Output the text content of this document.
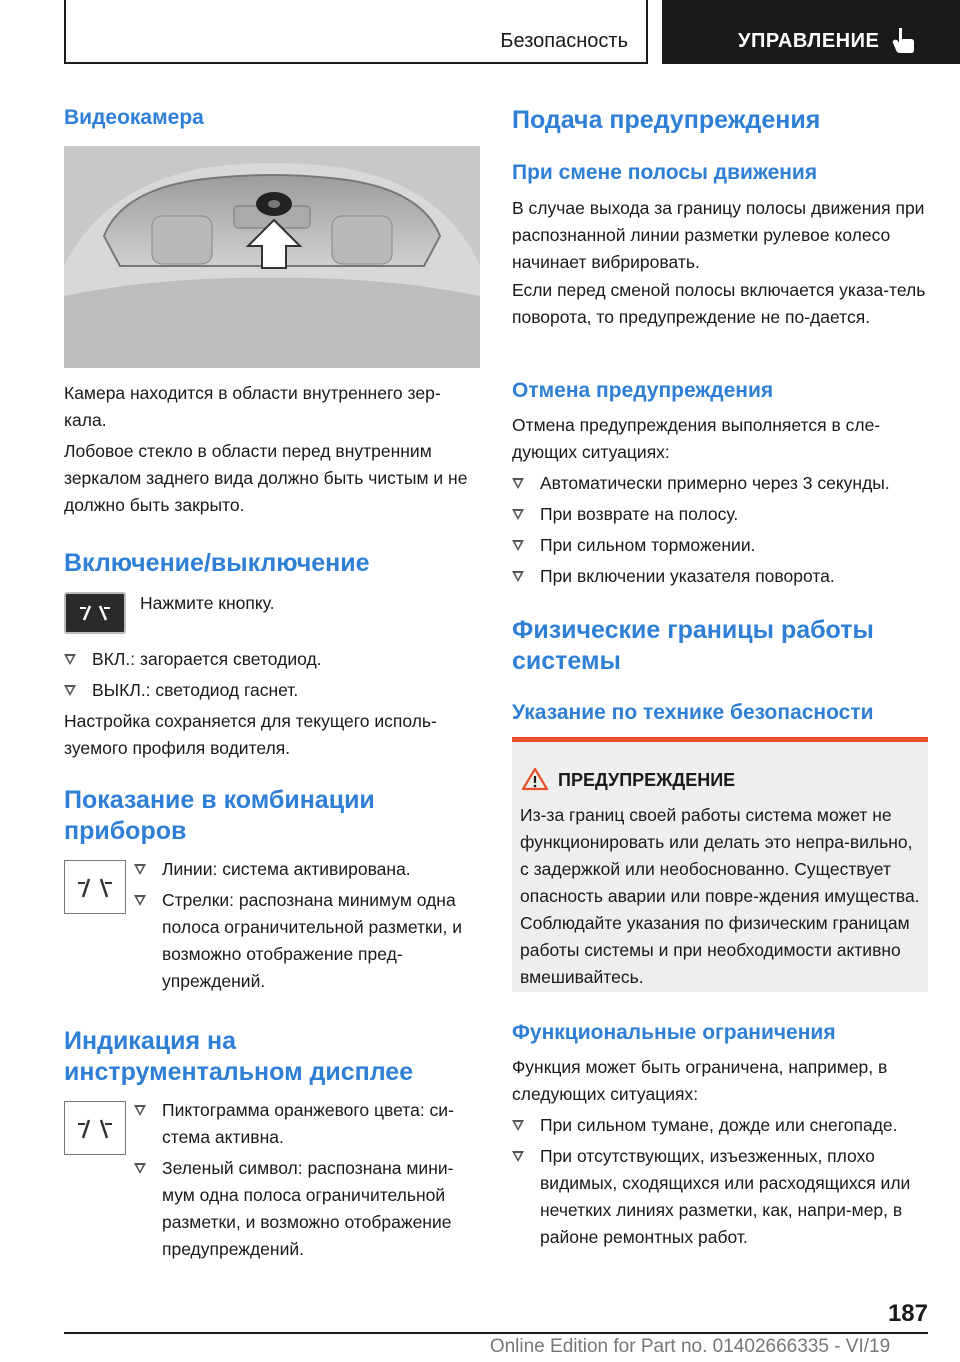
Безопасность	УПРАВЛЕНИЕ
Видеокамера

Камера находится в области внутреннего зер-кала.

Лобовое стекло в области перед внутренним зеркалом заднего вида должно быть чистым и не должно быть закрыто.

Включение/выключение
Нажмите кнопку.
ВКЛ.: загорается светодиод.
ВЫКЛ.: светодиод гаснет.

Настройка сохраняется для текущего исполь-зуемого профиля водителя.

Показание в комбинации
приборов
Линии: система активирована.
Стрелки: распознана минимум одна полоса ограничительной разметки, и возможно отображение пред-упреждений.
Индикация на
инструментальном дисплее
Пиктограмма оранжевого цвета: си-стема активна.
Зеленый символ: распознана мини-мум одна полоса ограничительной разметки, и возможно отображение предупреждений.
Подача предупреждения
При смене полосы движения

В случае выхода за границу полосы движения при распознанной линии разметки рулевое колесо начинает вибрировать.

Если перед сменой полосы включается указа-тель поворота, то предупреждение не по-дается.

Отмена предупреждения

Отмена предупреждения выполняется в сле-дующих ситуациях:

Автоматически примерно через 3 секунды.
При возврате на полосу.
При сильном торможении.
При включении указателя поворота.
Физические границы работы
системы
Указание по технике безопасности
ПРЕДУПРЕЖДЕНИЕ

Из-за границ своей работы система может не функционировать или делать это непра-вильно, с задержкой или необоснованно. Существует опасность аварии или повре-ждения имущества. Соблюдайте указания по физическим границам работы системы и при необходимости активно вмешивайтесь.

Функциональные ограничения

Функция может быть ограничена, например, в следующих ситуациях:

При сильном тумане, дожде или снегопаде.
При отсутствующих, изъезженных, плохо видимых, сходящихся или расходящихся или нечетких линиях разметки, как, напри-мер, в районе ремонтных работ.
187
Online Edition for Part no. 01402666335 - VI/19
